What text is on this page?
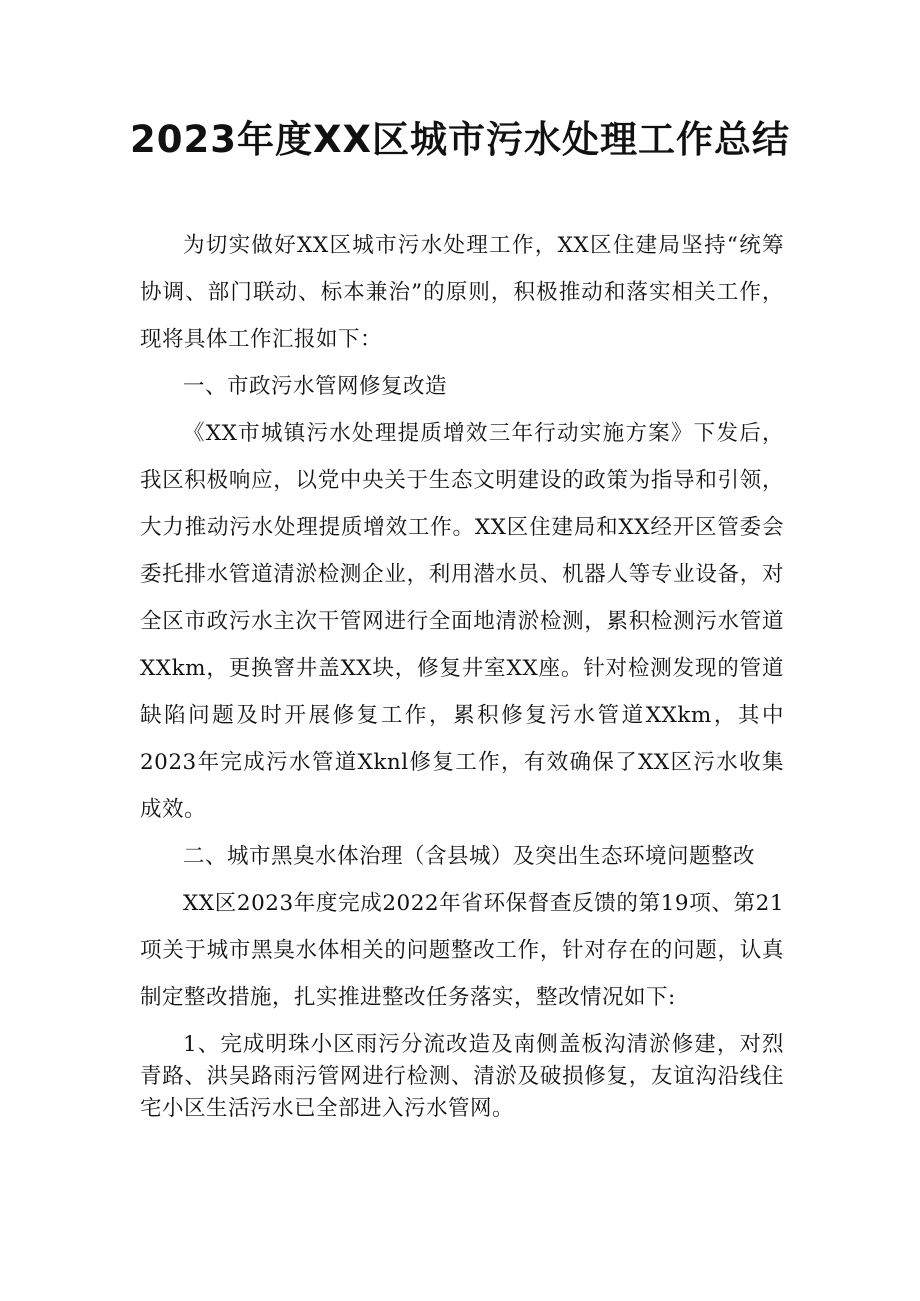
2023年度XX区城市污水处理工作总结

为切实做好XX区城市污水处理工作，XX区住建局坚持“统筹协调、部门联动、标本兼治”的原则，积极推动和落实相关工作，现将具体工作汇报如下：

一、市政污水管网修复改造

《XX市城镇污水处理提质增效三年行动实施方案》下发后，我区积极响应，以党中央关于生态文明建设的政策为指导和引领，大力推动污水处理提质增效工作。XX区住建局和XX经开区管委会委托排水管道清淤检测企业，利用潜水员、机器人等专业设备，对全区市政污水主次干管网进行全面地清淤检测，累积检测污水管道XXkm，更换窨井盖XX块，修复井室XX座。针对检测发现的管道缺陷问题及时开展修复工作，累积修复污水管道XXkm，其中2023年完成污水管道Xknl修复工作，有效确保了XX区污水收集成效。

二、城市黑臭水体治理（含县城）及突出生态环境问题整改

XX区2023年度完成2022年省环保督查反馈的第19项、第21项关于城市黑臭水体相关的问题整改工作，针对存在的问题，认真制定整改措施，扎实推进整改任务落实，整改情况如下:

1、完成明珠小区雨污分流改造及南侧盖板沟清淤修建，对烈青路、洪吴路雨污管网进行检测、清淤及破损修复，友谊沟沿线住宅小区生活污水已全部进入污水管网。
